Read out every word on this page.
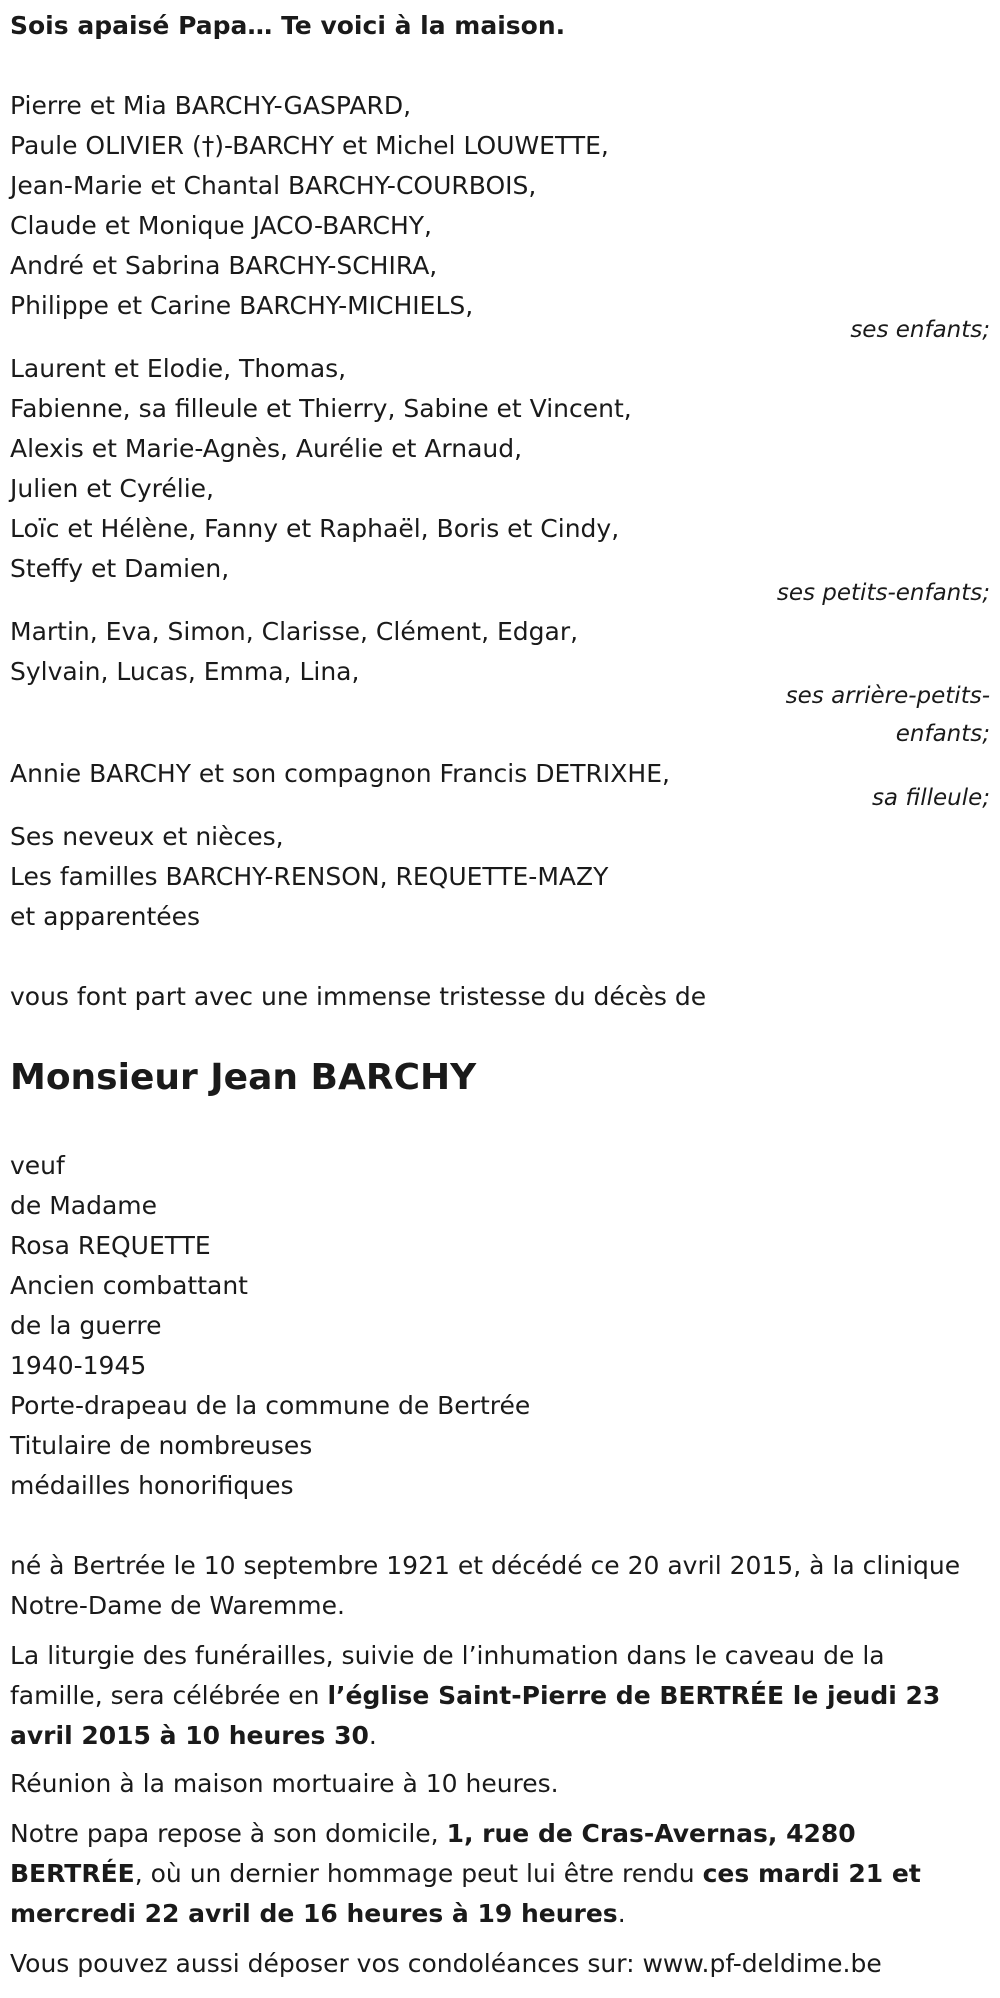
Sois apaisé Papa… Te voici à la maison.
Pierre et Mia BARCHY-GASPARD,
Paule OLIVIER (†)-BARCHY et Michel LOUWETTE,
Jean-Marie et Chantal BARCHY-COURBOIS,
Claude et Monique JACO-BARCHY,
André et Sabrina BARCHY-SCHIRA,
Philippe et Carine BARCHY-MICHIELS,
ses enfants;
Laurent et Elodie, Thomas,
Fabienne, sa filleule et Thierry, Sabine et Vincent,
Alexis et Marie-Agnès, Aurélie et Arnaud,
Julien et Cyrélie,
Loïc et Hélène, Fanny et Raphaël, Boris et Cindy,
Steffy et Damien,
ses petits-enfants;
Martin, Eva, Simon, Clarisse, Clément, Edgar,
Sylvain, Lucas, Emma, Lina,
ses arrière-petits-
enfants;
Annie BARCHY et son compagnon Francis DETRIXHE,
sa filleule;
Ses neveux et nièces,
Les familles BARCHY-RENSON, REQUETTE-MAZY
et apparentées
vous font part avec une immense tristesse du décès de
Monsieur Jean BARCHY
veuf
de Madame
Rosa REQUETTE
Ancien combattant
de la guerre
1940-1945
Porte-drapeau de la commune de Bertrée
Titulaire de nombreuses
médailles honorifiques
né à Bertrée le 10 septembre 1921 et décédé ce 20 avril 2015, à la clinique Notre-Dame de Waremme.
La liturgie des funérailles, suivie de l’inhumation dans le caveau de la famille, sera célébrée en l’église Saint-Pierre de BERTRÉE le jeudi 23 avril 2015 à 10 heures 30.
Réunion à la maison mortuaire à 10 heures.
Notre papa repose à son domicile, 1, rue de Cras-Avernas, 4280 BERTRÉE, où un dernier hommage peut lui être rendu ces mardi 21 et mercredi 22 avril de 16 heures à 19 heures.
Vous pouvez aussi déposer vos condoléances sur: www.pf-deldime.be
